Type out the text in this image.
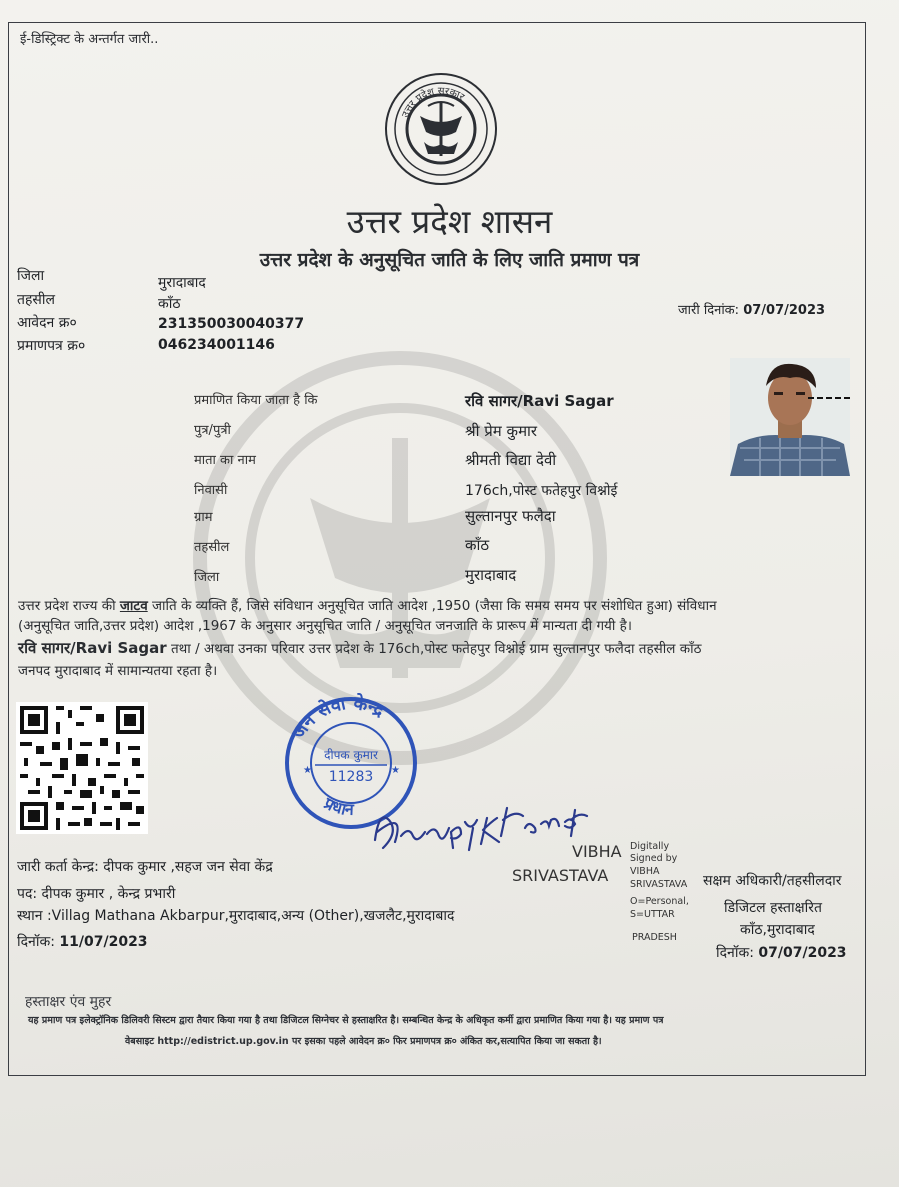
ई-डिस्ट्रिक्ट के अन्तर्गत जारी..
उत्तर प्रदेश सरकार
उत्तर प्रदेश शासन
उत्तर प्रदेश के अनुसूचित जाति के लिए जाति प्रमाण पत्र
जिला	मुरादाबाद
तहसील	कॉंठ
आवेदन क्र०	231350030040377
प्रमाणपत्र क्र०	046234001146
जारी दिनांक: 07/07/2023
प्रमाणित किया जाता है कि	रवि सागर/Ravi Sagar
पुत्र/पुत्री	श्री प्रेम कुमार
माता का नाम	श्रीमती विद्या देवी
निवासी	176ch,पोस्ट फतेहपुर विश्नोई
ग्राम	सुल्तानपुर फलैदा
तहसील	कॉंठ
जिला	मुरादाबाद
उत्तर प्रदेश राज्य की जाटव जाति के व्यक्ति हैं, जिसे संविधान अनुसूचित जाति आदेश ,1950 (जैसा कि समय समय पर संशोधित हुआ) संविधान
(अनुसूचित जाति,उत्तर प्रदेश) आदेश ,1967 के अनुसार अनुसूचित जाति / अनुसूचित जनजाति के प्रारूप में मान्यता दी गयी है।
रवि सागर/Ravi Sagar तथा / अथवा उनका परिवार उत्तर प्रदेश के 176ch,पोस्ट फतेहपुर विश्नोई ग्राम सुल्तानपुर फलैदा तहसील कॉंठ
जनपद मुरादाबाद में सामान्यतया रहता है।
जन सेवा केन्द्र
प्रधान
दीपक कुमार
11283
★	★
जारी कर्ता केन्द्र: दीपक कुमार ,सहज जन सेवा केंद्र
पद: दीपक कुमार , केन्द्र प्रभारी
स्थान :Villag Mathana Akbarpur,मुरादाबाद,अन्य (Other),खजलैट,मुरादाबाद
दिनॉक: 11/07/2023
VIBHA
SRIVASTAVA
Digitally
Signed by
VIBHA
SRIVASTAVA
O=Personal,
S=UTTAR
PRADESH
सक्षम अधिकारी/तहसीलदार
डिजिटल हस्ताक्षरित
कॉंठ,मुरादाबाद
दिनॉक: 07/07/2023
हस्ताक्षर एंव मुहर
यह प्रमाण पत्र इलेक्ट्रॉनिक डिलिवरी सिस्टम द्वारा तैयार किया गया है तथा डिजिटल सिग्नेचर से हस्ताक्षरित है। सम्बन्धित केन्द्र के अधिकृत कर्मी द्वारा प्रमाणित किया गया है। यह प्रमाण पत्र
वेबसाइट http://edistrict.up.gov.in पर इसका पहले आवेदन क्र० फिर प्रमाणपत्र क्र० अंकित कर,सत्यापित किया जा सकता है।
